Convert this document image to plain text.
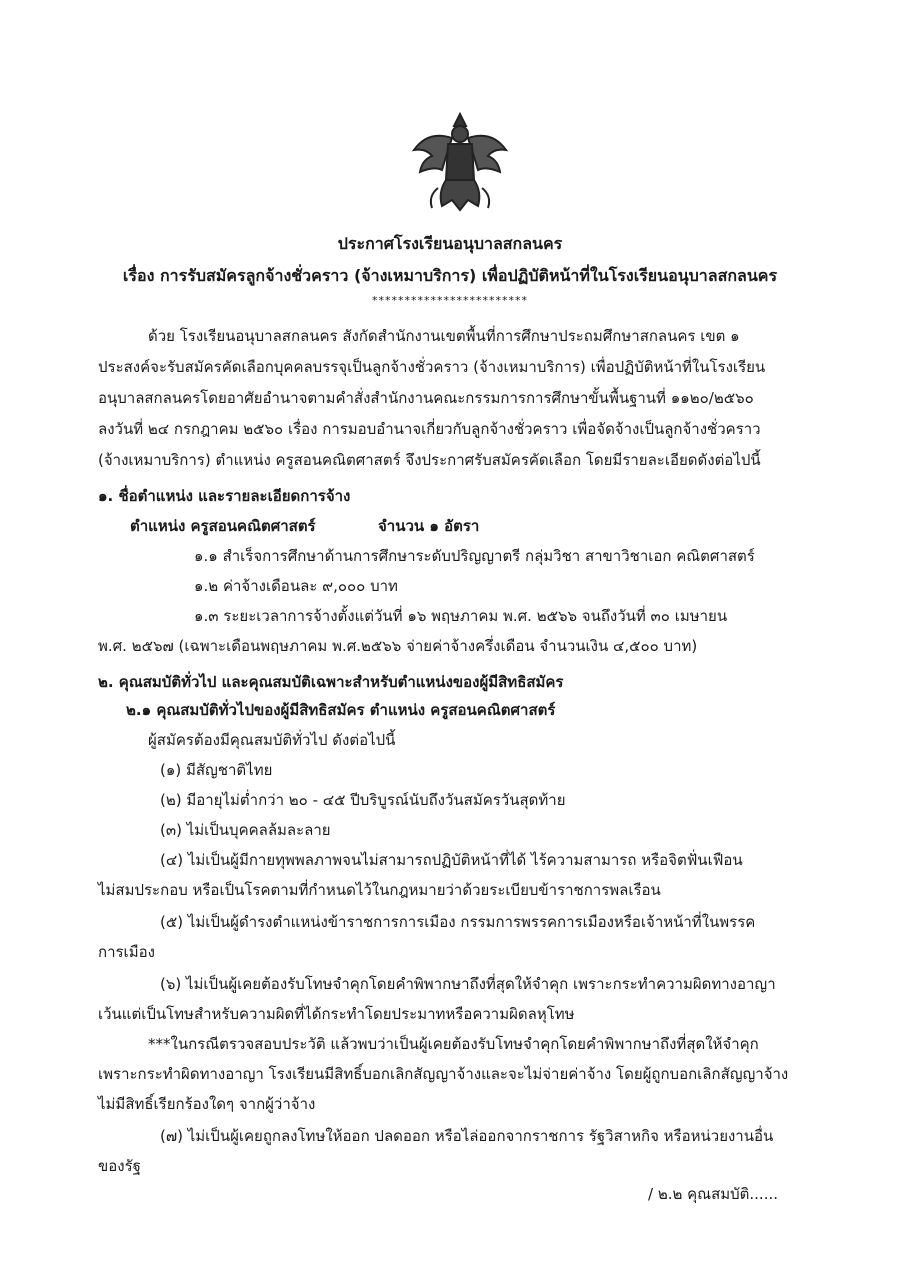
ประกาศโรงเรียนอนุบาลสกลนคร
เรื่อง การรับสมัครลูกจ้างชั่วคราว (จ้างเหมาบริการ) เพื่อปฏิบัติหน้าที่ในโรงเรียนอนุบาลสกลนคร
************************
ด้วย โรงเรียนอนุบาลสกลนคร สังกัดสำนักงานเขตพื้นที่การศึกษาประถมศึกษาสกลนคร เขต ๑
ประสงค์จะรับสมัครคัดเลือกบุคคลบรรจุเป็นลูกจ้างชั่วคราว (จ้างเหมาบริการ) เพื่อปฏิบัติหน้าที่ในโรงเรียน
อนุบาลสกลนครโดยอาศัยอำนาจตามคำสั่งสำนักงานคณะกรรมการการศึกษาขั้นพื้นฐานที่ ๑๑๒๐/๒๕๖๐
ลงวันที่ ๒๔ กรกฎาคม ๒๕๖๐ เรื่อง การมอบอำนาจเกี่ยวกับลูกจ้างชั่วคราว เพื่อจัดจ้างเป็นลูกจ้างชั่วคราว
(จ้างเหมาบริการ) ตำแหน่ง ครูสอนคณิตศาสตร์ จึงประกาศรับสมัครคัดเลือก โดยมีรายละเอียดดังต่อไปนี้
๑. ชื่อตำแหน่ง และรายละเอียดการจ้าง
ตำแหน่ง ครูสอนคณิตศาสตร์	จำนวน ๑ อัตรา
๑.๑ สำเร็จการศึกษาด้านการศึกษาระดับปริญญาตรี กลุ่มวิชา สาขาวิชาเอก คณิตศาสตร์
๑.๒ ค่าจ้างเดือนละ ๙,๐๐๐ บาท
๑.๓ ระยะเวลาการจ้างตั้งแต่วันที่ ๑๖ พฤษภาคม พ.ศ. ๒๕๖๖ จนถึงวันที่ ๓๐ เมษายน
พ.ศ. ๒๕๖๗ (เฉพาะเดือนพฤษภาคม พ.ศ.๒๕๖๖ จ่ายค่าจ้างครึ่งเดือน จำนวนเงิน ๔,๕๐๐ บาท)
๒. คุณสมบัติทั่วไป และคุณสมบัติเฉพาะสำหรับตำแหน่งของผู้มีสิทธิสมัคร
๒.๑ คุณสมบัติทั่วไปของผู้มีสิทธิสมัคร ตำแหน่ง ครูสอนคณิตศาสตร์
ผู้สมัครต้องมีคุณสมบัติทั่วไป ดังต่อไปนี้
(๑) มีสัญชาติไทย
(๒) มีอายุไม่ต่ำกว่า ๒๐ - ๔๕ ปีบริบูรณ์นับถึงวันสมัครวันสุดท้าย
(๓) ไม่เป็นบุคคลล้มละลาย
(๔) ไม่เป็นผู้มีกายทุพพลภาพจนไม่สามารถปฏิบัติหน้าที่ได้ ไร้ความสามารถ หรือจิตฟั่นเฟือน
ไม่สมประกอบ หรือเป็นโรคตามที่กำหนดไว้ในกฎหมายว่าด้วยระเบียบข้าราชการพลเรือน
(๕) ไม่เป็นผู้ดำรงตำแหน่งข้าราชการการเมือง กรรมการพรรคการเมืองหรือเจ้าหน้าที่ในพรรค
การเมือง
(๖) ไม่เป็นผู้เคยต้องรับโทษจำคุกโดยคำพิพากษาถึงที่สุดให้จำคุก เพราะกระทำความผิดทางอาญา
เว้นแต่เป็นโทษสำหรับความผิดที่ได้กระทำโดยประมาทหรือความผิดลหุโทษ
***ในกรณีตรวจสอบประวัติ แล้วพบว่าเป็นผู้เคยต้องรับโทษจำคุกโดยคำพิพากษาถึงที่สุดให้จำคุก
เพราะกระทำผิดทางอาญา โรงเรียนมีสิทธิ์บอกเลิกสัญญาจ้างและจะไม่จ่ายค่าจ้าง โดยผู้ถูกบอกเลิกสัญญาจ้าง
ไม่มีสิทธิ์เรียกร้องใดๆ จากผู้ว่าจ้าง
(๗) ไม่เป็นผู้เคยถูกลงโทษให้ออก ปลดออก หรือไล่ออกจากราชการ รัฐวิสาหกิจ หรือหน่วยงานอื่น
ของรัฐ
/ ๒.๒ คุณสมบัติ......
